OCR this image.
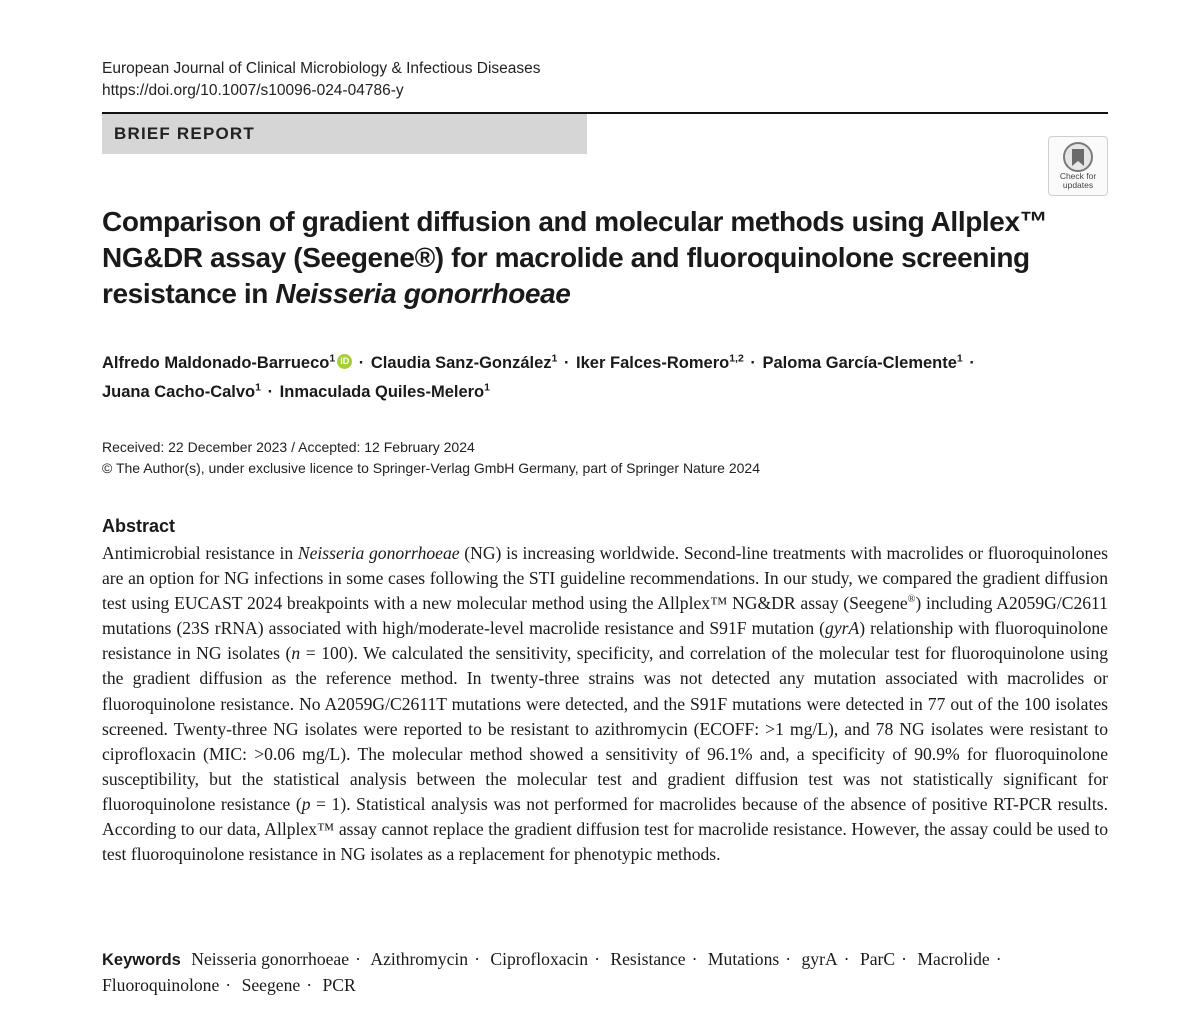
European Journal of Clinical Microbiology & Infectious Diseases
https://doi.org/10.1007/s10096-024-04786-y
BRIEF REPORT
Check for
updates
Comparison of gradient diffusion and molecular methods using Allplex™ NG&DR assay (Seegene®) for macrolide and fluoroquinolone screening resistance in Neisseria gonorrhoeae
Alfredo Maldonado-Barrueco$^1$ iD · Claudia Sanz-González$^1$ · Iker Falces-Romero$^{1,2}$ · Paloma García-Clemente$^1$ ·
Juana Cacho-Calvo$^1$ · Inmaculada Quiles-Melero$^1$
Received: 22 December 2023 / Accepted: 12 February 2024
© The Author(s), under exclusive licence to Springer-Verlag GmbH Germany, part of Springer Nature 2024
Abstract

Antimicrobial resistance in Neisseria gonorrhoeae (NG) is increasing worldwide. Second-line treatments with macrolides or fluoroquinolones are an option for NG infections in some cases following the STI guideline recommendations. In our study, we compared the gradient diffusion test using EUCAST 2024 breakpoints with a new molecular method using the Allplex™ NG&DR assay (Seegene®) including A2059G/C2611 mutations (23S rRNA) associated with high/moderate-level macrolide resistance and S91F mutation (gyrA) relationship with fluoroquinolone resistance in NG isolates (n = 100). We calculated the sensitivity, specificity, and correlation of the molecular test for fluoroquinolone using the gradient diffusion as the reference method. In twenty-three strains was not detected any mutation associated with macrolides or fluoroquinolone resistance. No A2059G/C2611T mutations were detected, and the S91F mutations were detected in 77 out of the 100 isolates screened. Twenty-three NG isolates were reported to be resistant to azithromycin (ECOFF: >1 mg/L), and 78 NG isolates were resistant to ciprofloxacin (MIC: >0.06 mg/L). The molecular method showed a sensitivity of 96.1% and, a specificity of 90.9% for fluoroquinolone susceptibility, but the statistical analysis between the molecular test and gradient diffusion test was not statistically significant for fluoroquinolone resistance (p = 1). Statistical analysis was not performed for macrolides because of the absence of positive RT-PCR results. According to our data, Allplex™ assay cannot replace the gradient diffusion test for macrolide resistance. However, the assay could be used to test fluoroquinolone resistance in NG isolates as a replacement for phenotypic methods.

Keywords Neisseria gonorrhoeae · Azithromycin · Ciprofloxacin · Resistance · Mutations · gyrA · ParC · Macrolide ·
Fluoroquinolone · Seegene · PCR
